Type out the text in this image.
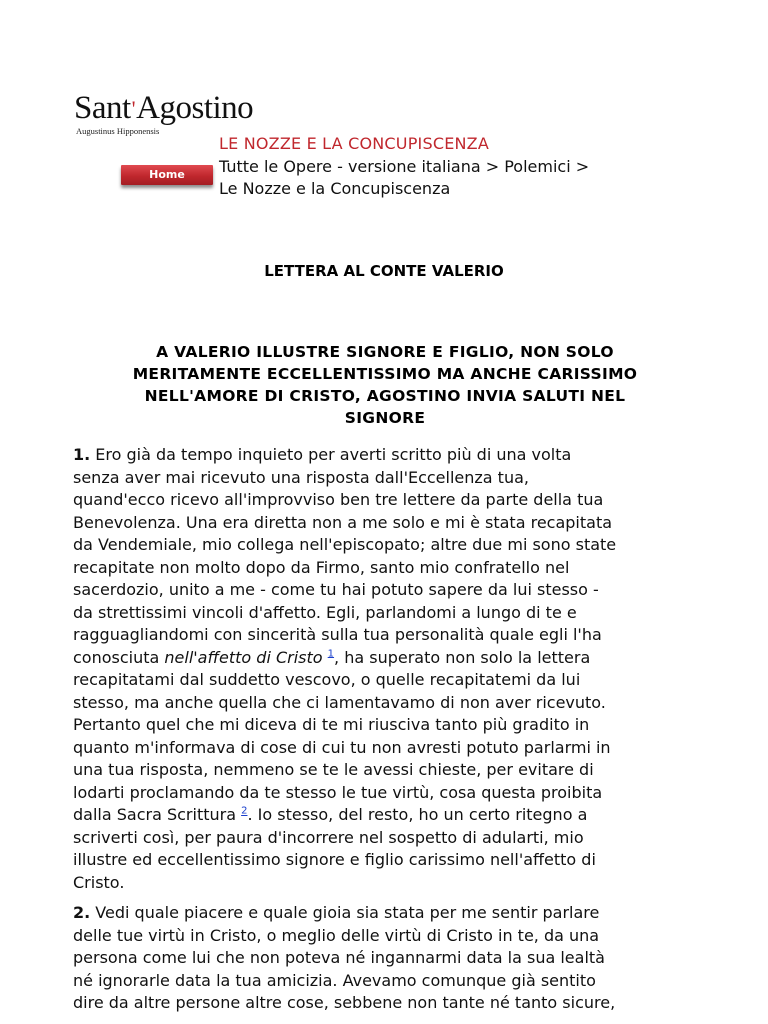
Sant'Agostino
Augustinus Hipponensis
Home
LE NOZZE E LA CONCUPISCENZA
Tutte le Opere - versione italiana > Polemici >
Le Nozze e la Concupiscenza
LETTERA AL CONTE VALERIO
A VALERIO ILLUSTRE SIGNORE E FIGLIO, NON SOLO
MERITAMENTE ECCELLENTISSIMO MA ANCHE CARISSIMO
NELL'AMORE DI CRISTO, AGOSTINO INVIA SALUTI NEL
SIGNORE
1. Ero già da tempo inquieto per averti scritto più di una volta
senza aver mai ricevuto una risposta dall'Eccellenza tua,
quand'ecco ricevo all'improvviso ben tre lettere da parte della tua
Benevolenza. Una era diretta non a me solo e mi è stata recapitata
da Vendemiale, mio collega nell'episcopato; altre due mi sono state
recapitate non molto dopo da Firmo, santo mio confratello nel
sacerdozio, unito a me - come tu hai potuto sapere da lui stesso -
da strettissimi vincoli d'affetto. Egli, parlandomi a lungo di te e
ragguagliandomi con sincerità sulla tua personalità quale egli l'ha
conosciuta nell'affetto di Cristo $^1$, ha superato non solo la lettera
recapitatami dal suddetto vescovo, o quelle recapitatemi da lui
stesso, ma anche quella che ci lamentavamo di non aver ricevuto.
Pertanto quel che mi diceva di te mi riusciva tanto più gradito in
quanto m'informava di cose di cui tu non avresti potuto parlarmi in
una tua risposta, nemmeno se te le avessi chieste, per evitare di
lodarti proclamando da te stesso le tue virtù, cosa questa proibita
dalla Sacra Scrittura $^2$. Io stesso, del resto, ho un certo ritegno a
scriverti così, per paura d'incorrere nel sospetto di adularti, mio
illustre ed eccellentissimo signore e figlio carissimo nell'affetto di
Cristo.
2. Vedi quale piacere e quale gioia sia stata per me sentir parlare
delle tue virtù in Cristo, o meglio delle virtù di Cristo in te, da una
persona come lui che non poteva né ingannarmi data la sua lealtà
né ignorarle data la tua amicizia. Avevamo comunque già sentito
dire da altre persone altre cose, sebbene non tante né tanto sicure,
